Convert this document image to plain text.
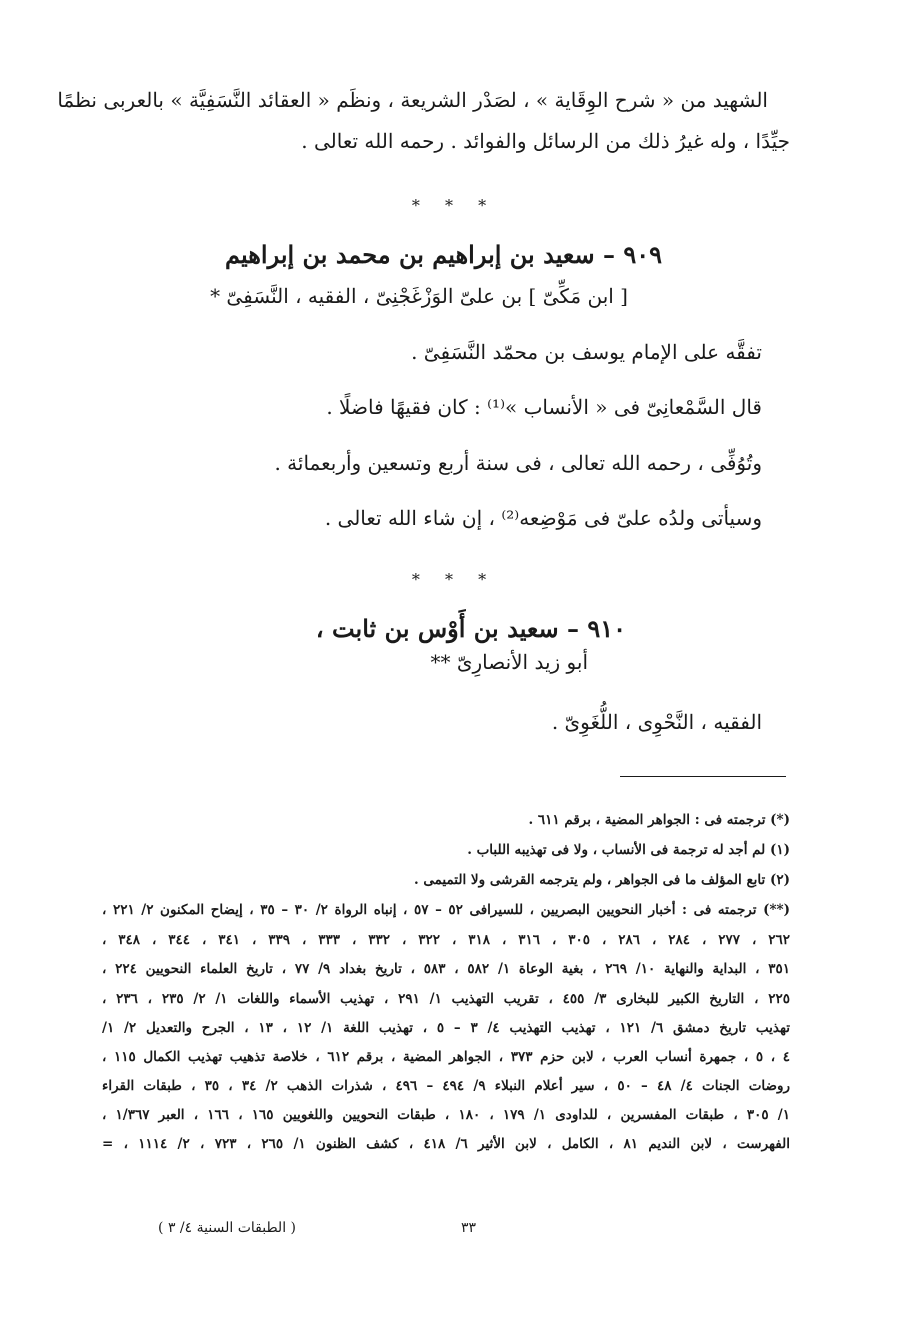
الشهيد من « شرح الوِقَاية » ، لصَدْر الشريعة ، ونظَم « العقائد النَّسَفِيَّة » بالعربى نظمًا
جيِّدًا ، وله غيرُ ذلك من الرسائل والفوائد . رحمه الله تعالى .
* * *
٩٠٩ – سعيد بن إبراهيم بن محمد بن إبراهيم
[ ابن مَكِّىّ ] بن علىّ الوَزْغَجْنِىّ ، الفقيه ، النَّسَفِىّ *
تفقَّه على الإمام يوسف بن محمّد النَّسَفِىّ .
قال السَّمْعانِىّ فى « الأنساب »⁽¹⁾ : كان فقيهًا فاضلًا .
وتُوُفِّى ، رحمه الله تعالى ، فى سنة أربع وتسعين وأربعمائة .
وسيأتى ولدُه علىّ فى مَوْضِعه⁽²⁾ ، إن شاء الله تعالى .
* * *
٩١٠ – سعيد بن أَوْس بن ثابت ،
أبو زيد الأنصارِىّ **
الفقيه ، النَّحْوِى ، اللُّغَوِىّ .
(*) ترجمته فى : الجواهر المضية ، برقم ٦١١ .
(١) لم أجد له ترجمة فى الأنساب ، ولا فى تهذيبه اللباب .
(٢) تابع المؤلف ما فى الجواهر ، ولم يترجمه القرشى ولا التميمى .
(**) ترجمته فى : أخبار النحويين البصريين ، للسيرافى ٥٢ – ٥٧ ، إنباه الرواة ٢/ ٣٠ – ٣٥ ، إيضاح المكنون ٢/ ٢٢١ ،
٢٦٢ ، ٢٧٧ ، ٢٨٤ ، ٢٨٦ ، ٣٠٥ ، ٣١٦ ، ٣١٨ ، ٣٢٢ ، ٣٣٢ ، ٣٣٣ ، ٣٣٩ ، ٣٤١ ، ٣٤٤ ، ٣٤٨ ،
٣٥١ ، البداية والنهاية ١٠/ ٢٦٩ ، بغية الوعاة ١/ ٥٨٢ ، ٥٨٣ ، تاريخ بغداد ٩/ ٧٧ ، تاريخ العلماء النحويين ٢٢٤ ،
٢٢٥ ، التاريخ الكبير للبخارى ٣/ ٤٥٥ ، تقريب التهذيب ١/ ٢٩١ ، تهذيب الأسماء واللغات ١/ ٢/ ٢٣٥ ، ٢٣٦ ،
تهذيب تاريخ دمشق ٦/ ١٢١ ، تهذيب التهذيب ٤/ ٣ – ٥ ، تهذيب اللغة ١/ ١٢ ، ١٣ ، الجرح والتعديل ٢/ ١/
٤ ، ٥ ، جمهرة أنساب العرب ، لابن حزم ٣٧٣ ، الجواهر المضية ، برقم ٦١٢ ، خلاصة تذهيب تهذيب الكمال ١١٥ ،
روضات الجنات ٤/ ٤٨ – ٥٠ ، سير أعلام النبلاء ٩/ ٤٩٤ – ٤٩٦ ، شذرات الذهب ٢/ ٣٤ ، ٣٥ ، طبقات القراء
١/ ٣٠٥ ، طبقات المفسرين ، للداودى ١/ ١٧٩ ، ١٨٠ ، طبقات النحويين واللغويين ١٦٥ ، ١٦٦ ، العبر ١/٣٦٧ ،
الفهرست ، لابن النديم ٨١ ، الكامل ، لابن الأثير ٦/ ٤١٨ ، كشف الظنون ١/ ٢٦٥ ، ٧٢٣ ، ٢/ ١١١٤ ، =
٣٣
( الطبقات السنية ٤/ ٣ )
